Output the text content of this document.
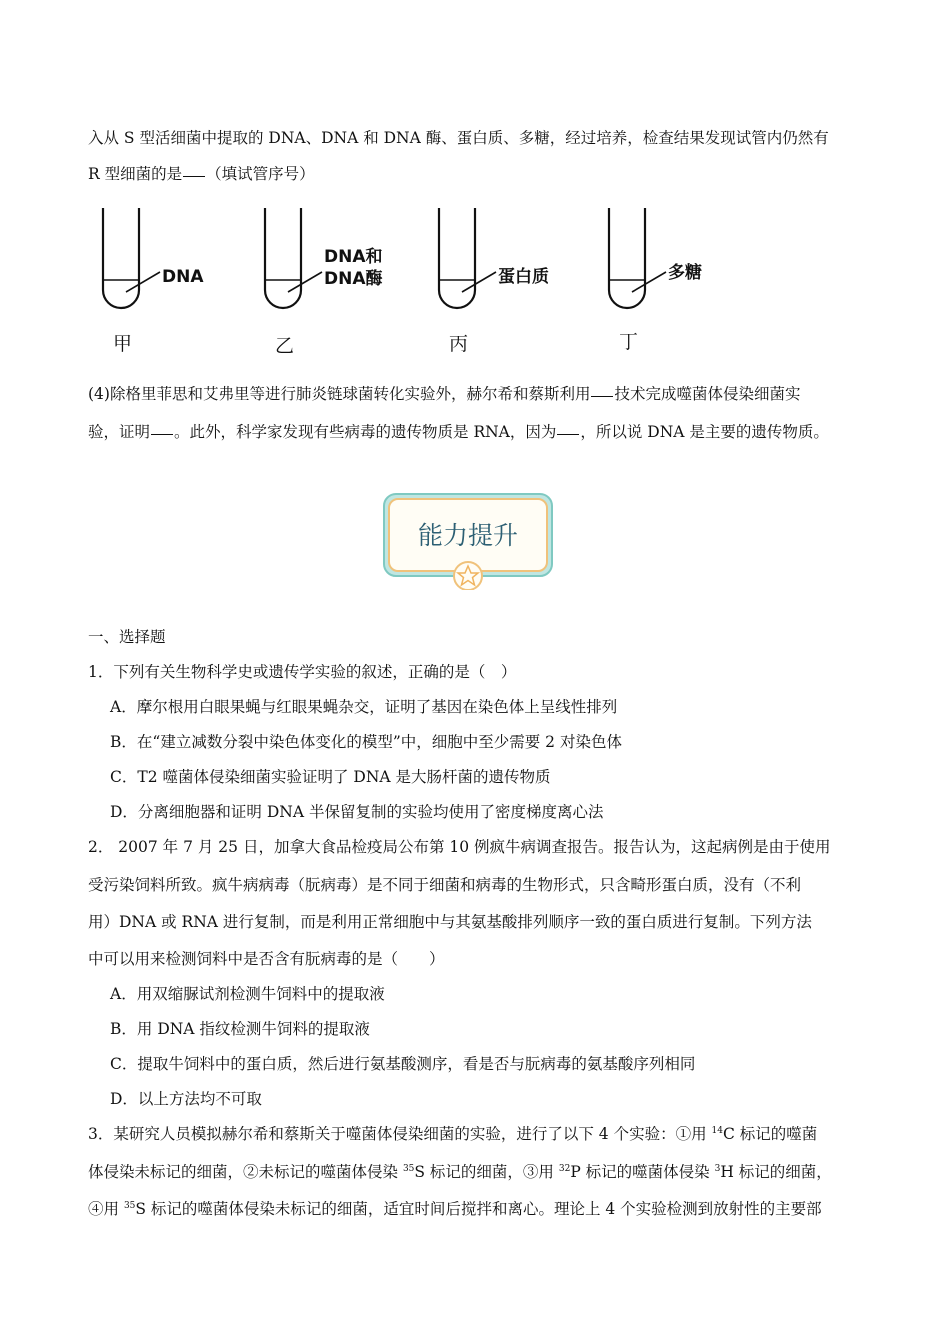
入从 S 型活细菌中提取的 DNA、DNA 和 DNA 酶、蛋白质、多糖，经过培养，检查结果发现试管内仍然有
R 型细菌的是 （填试管序号）
DNA
甲
DNA和
DNA酶
乙
蛋白质
丙
多糖
丁
(4)除格里菲思和艾弗里等进行肺炎链球菌转化实验外，赫尔希和蔡斯利用 技术完成噬菌体侵染细菌实
验，证明 。此外，科学家发现有些病毒的遗传物质是 RNA，因为 ，所以说 DNA 是主要的遗传物质。
能力提升
一、选择题
1．下列有关生物科学史或遗传学实验的叙述，正确的是（　）
A．摩尔根用白眼果蝇与红眼果蝇杂交，证明了基因在染色体上呈线性排列
B．在“建立减数分裂中染色体变化的模型”中，细胞中至少需要 2 对染色体
C．T2 噬菌体侵染细菌实验证明了 DNA 是大肠杆菌的遗传物质
D．分离细胞器和证明 DNA 半保留复制的实验均使用了密度梯度离心法
2． 2007 年 7 月 25 日，加拿大食品检疫局公布第 10 例疯牛病调查报告。报告认为，这起病例是由于使用
受污染饲料所致。疯牛病病毒（朊病毒）是不同于细菌和病毒的生物形式，只含畸形蛋白质，没有（不利
用）DNA 或 RNA 进行复制，而是利用正常细胞中与其氨基酸排列顺序一致的蛋白质进行复制。下列方法
中可以用来检测饲料中是否含有朊病毒的是（　　）
A．用双缩脲试剂检测牛饲料中的提取液
B．用 DNA 指纹检测牛饲料的提取液
C．提取牛饲料中的蛋白质，然后进行氨基酸测序，看是否与朊病毒的氨基酸序列相同
D．以上方法均不可取
3．某研究人员模拟赫尔希和蔡斯关于噬菌体侵染细菌的实验，进行了以下 4 个实验：①用 $^{14}$C 标记的噬菌
体侵染未标记的细菌，②未标记的噬菌体侵染 $^{35}$S 标记的细菌，③用 $^{32}$P 标记的噬菌体侵染 $^3$H 标记的细菌，
④用 $^{35}$S 标记的噬菌体侵染未标记的细菌，适宜时间后搅拌和离心。理论上 4 个实验检测到放射性的主要部
